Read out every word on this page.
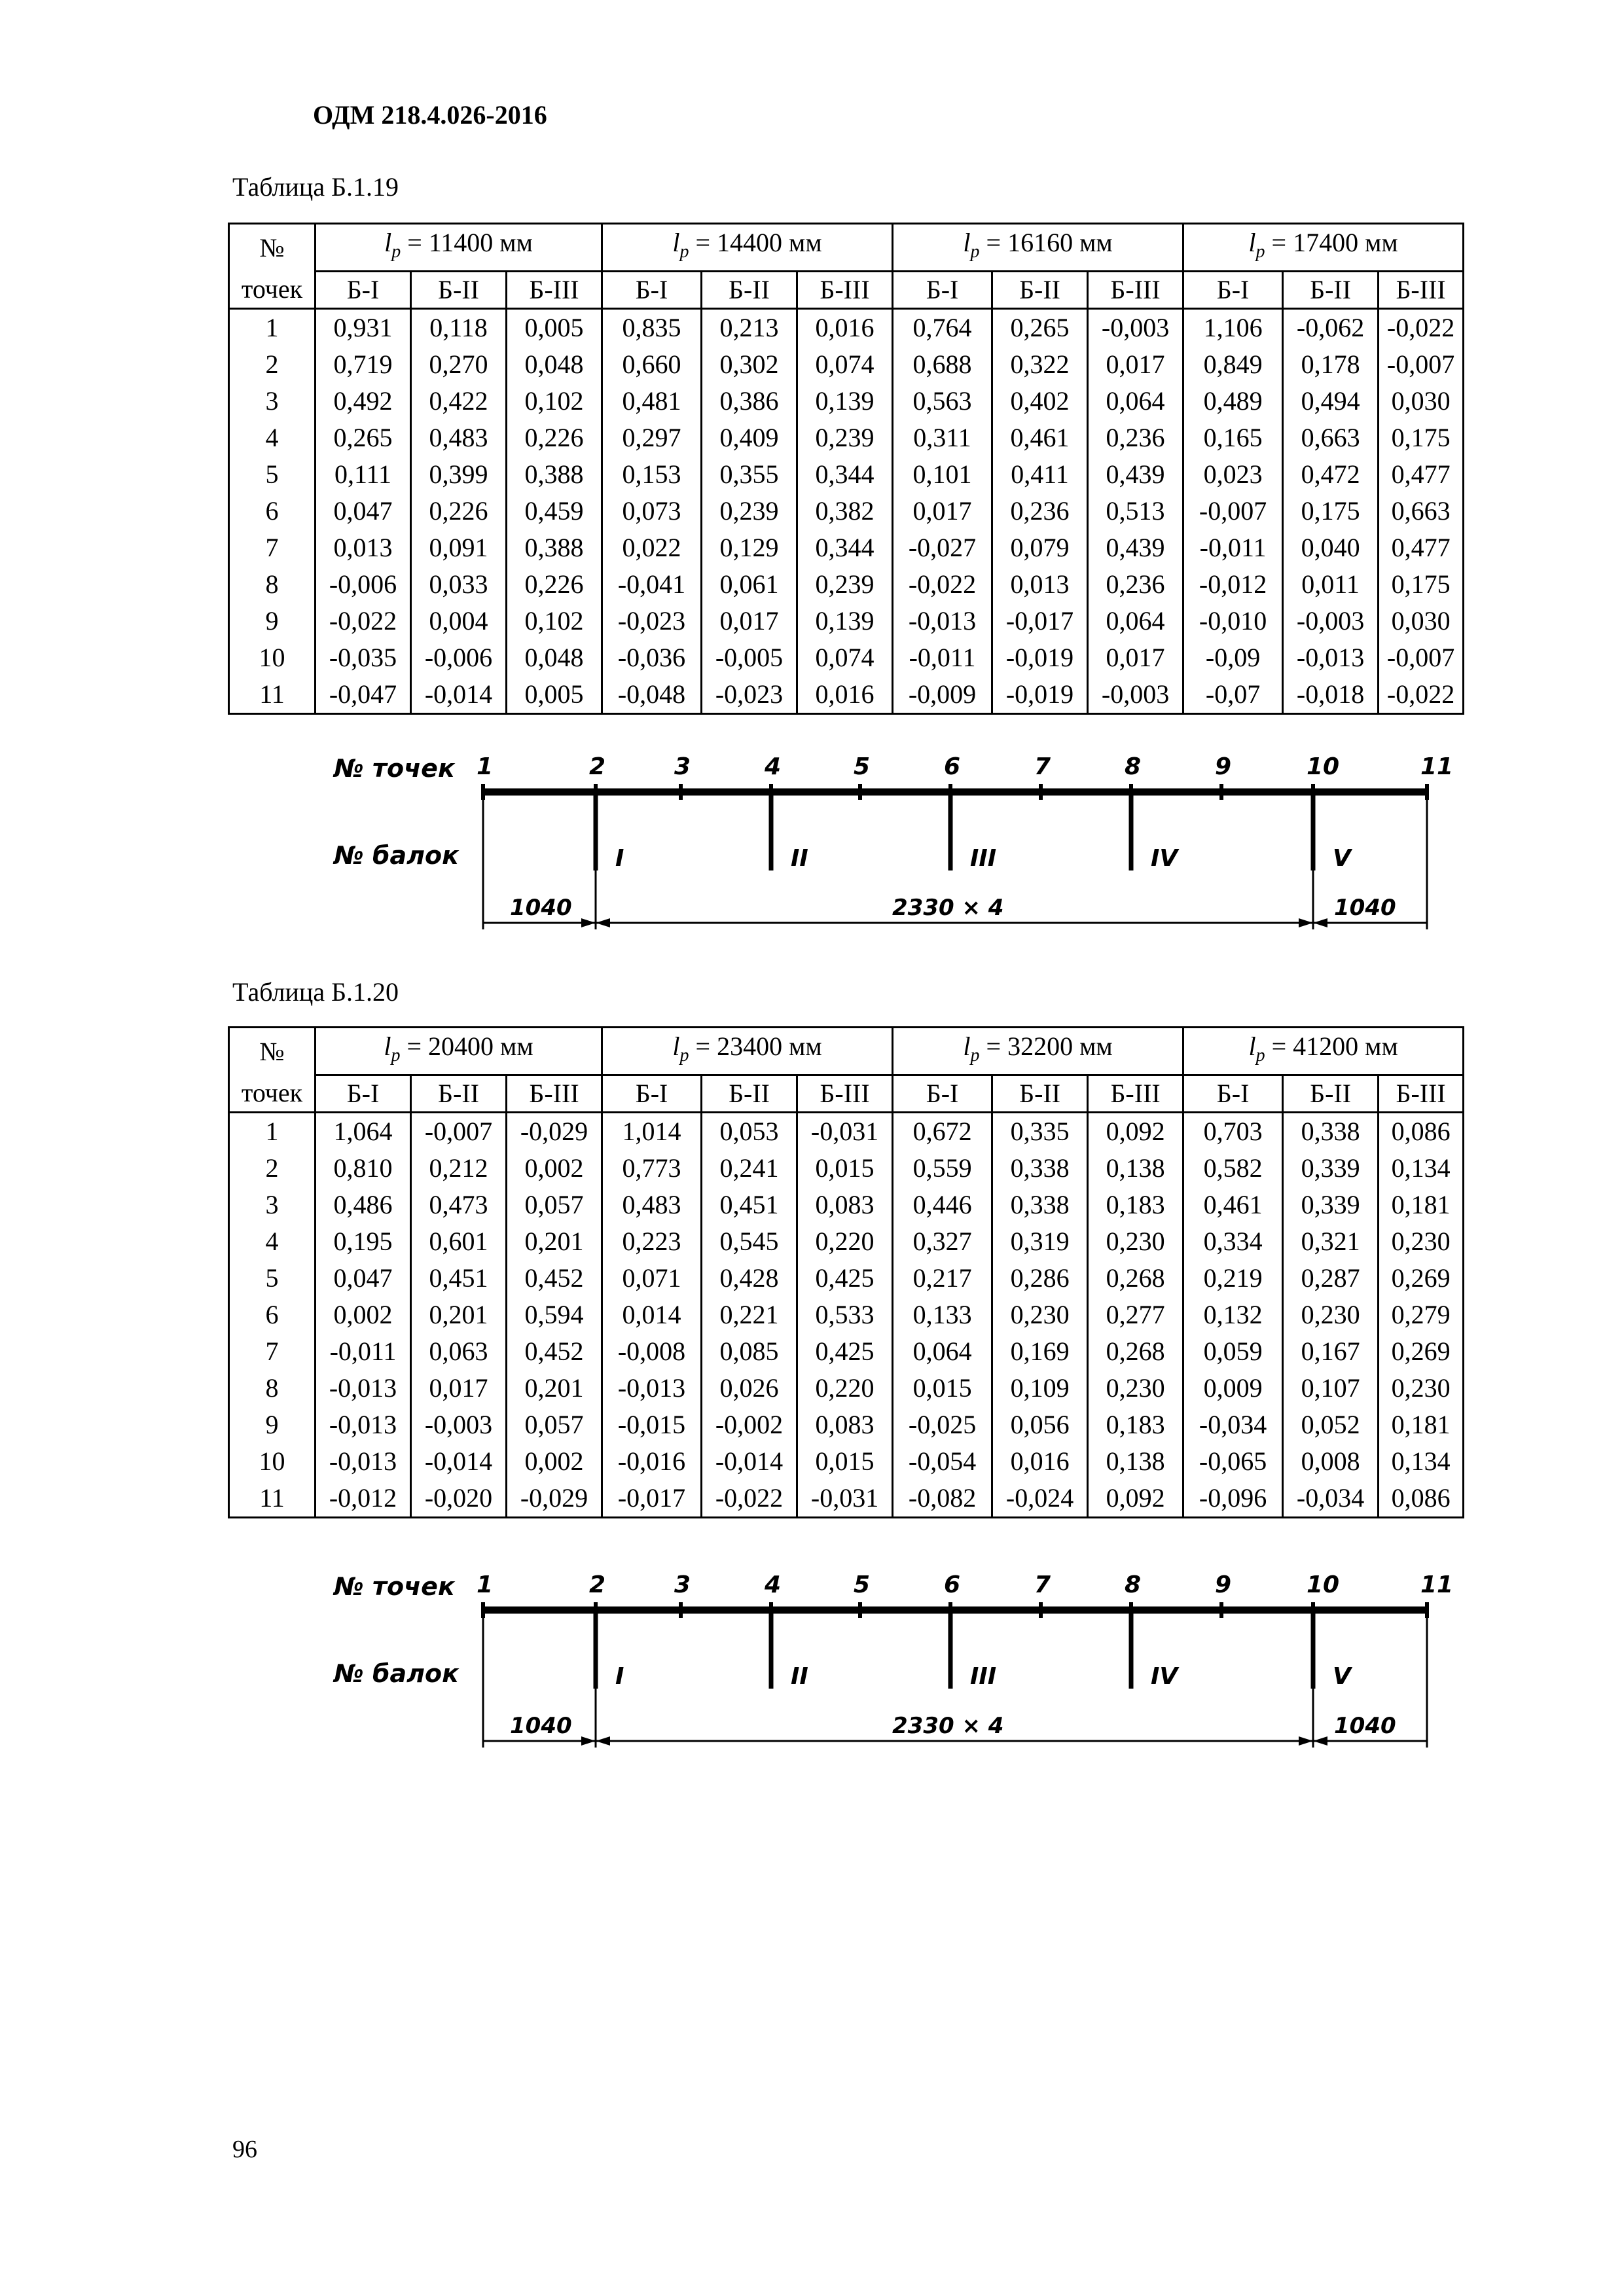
ОДМ 218.4.026-2016
Таблица Б.1.19
№	$l_p = 11400$ мм			$l_p = 14400$ мм			$l_p = 16160$ мм			$l_p = 17400$ мм		
точек	Б-I	Б-II	Б-III	Б-I	Б-II	Б-III	Б-I	Б-II	Б-III	Б-I	Б-II	Б-III
1	0,931	0,118	0,005	0,835	0,213	0,016	0,764	0,265	-0,003	1,106	-0,062	-0,022
2	0,719	0,270	0,048	0,660	0,302	0,074	0,688	0,322	0,017	0,849	0,178	-0,007
3	0,492	0,422	0,102	0,481	0,386	0,139	0,563	0,402	0,064	0,489	0,494	0,030
4	0,265	0,483	0,226	0,297	0,409	0,239	0,311	0,461	0,236	0,165	0,663	0,175
5	0,111	0,399	0,388	0,153	0,355	0,344	0,101	0,411	0,439	0,023	0,472	0,477
6	0,047	0,226	0,459	0,073	0,239	0,382	0,017	0,236	0,513	-0,007	0,175	0,663
7	0,013	0,091	0,388	0,022	0,129	0,344	-0,027	0,079	0,439	-0,011	0,040	0,477
8	-0,006	0,033	0,226	-0,041	0,061	0,239	-0,022	0,013	0,236	-0,012	0,011	0,175
9	-0,022	0,004	0,102	-0,023	0,017	0,139	-0,013	-0,017	0,064	-0,010	-0,003	0,030
10	-0,035	-0,006	0,048	-0,036	-0,005	0,074	-0,011	-0,019	0,017	-0,09	-0,013	-0,007
11	-0,047	-0,014	0,005	-0,048	-0,023	0,016	-0,009	-0,019	-0,003	-0,07	-0,018	-0,022
№ точек
№ балок
1	2	3	4	5	6	7	8	9	10	11
I	II	III	IV	V
1040	2330 × 4	1040
Таблица Б.1.20
№	$l_p = 20400$ мм			$l_p = 23400$ мм			$l_p = 32200$ мм			$l_p = 41200$ мм		
точек	Б-I	Б-II	Б-III	Б-I	Б-II	Б-III	Б-I	Б-II	Б-III	Б-I	Б-II	Б-III
1	1,064	-0,007	-0,029	1,014	0,053	-0,031	0,672	0,335	0,092	0,703	0,338	0,086
2	0,810	0,212	0,002	0,773	0,241	0,015	0,559	0,338	0,138	0,582	0,339	0,134
3	0,486	0,473	0,057	0,483	0,451	0,083	0,446	0,338	0,183	0,461	0,339	0,181
4	0,195	0,601	0,201	0,223	0,545	0,220	0,327	0,319	0,230	0,334	0,321	0,230
5	0,047	0,451	0,452	0,071	0,428	0,425	0,217	0,286	0,268	0,219	0,287	0,269
6	0,002	0,201	0,594	0,014	0,221	0,533	0,133	0,230	0,277	0,132	0,230	0,279
7	-0,011	0,063	0,452	-0,008	0,085	0,425	0,064	0,169	0,268	0,059	0,167	0,269
8	-0,013	0,017	0,201	-0,013	0,026	0,220	0,015	0,109	0,230	0,009	0,107	0,230
9	-0,013	-0,003	0,057	-0,015	-0,002	0,083	-0,025	0,056	0,183	-0,034	0,052	0,181
10	-0,013	-0,014	0,002	-0,016	-0,014	0,015	-0,054	0,016	0,138	-0,065	0,008	0,134
11	-0,012	-0,020	-0,029	-0,017	-0,022	-0,031	-0,082	-0,024	0,092	-0,096	-0,034	0,086
№ точек
№ балок
1	2	3	4	5	6	7	8	9	10	11
I	II	III	IV	V
1040	2330 × 4	1040
96
